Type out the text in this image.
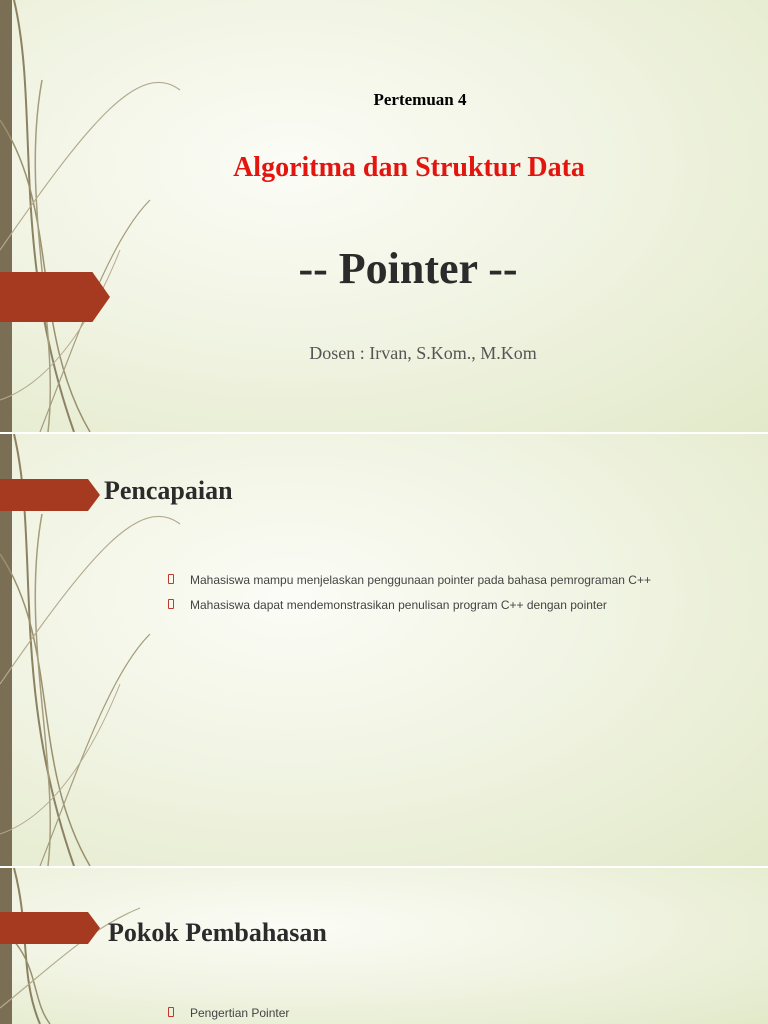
Pertemuan 4
Algoritma dan Struktur Data
-- Pointer --
Dosen : Irvan, S.Kom., M.Kom
Pencapaian
Mahasiswa mampu menjelaskan penggunaan pointer pada bahasa pemrograman C++
Mahasiswa dapat mendemonstrasikan penulisan program C++ dengan pointer
Pokok Pembahasan
Pengertian Pointer
